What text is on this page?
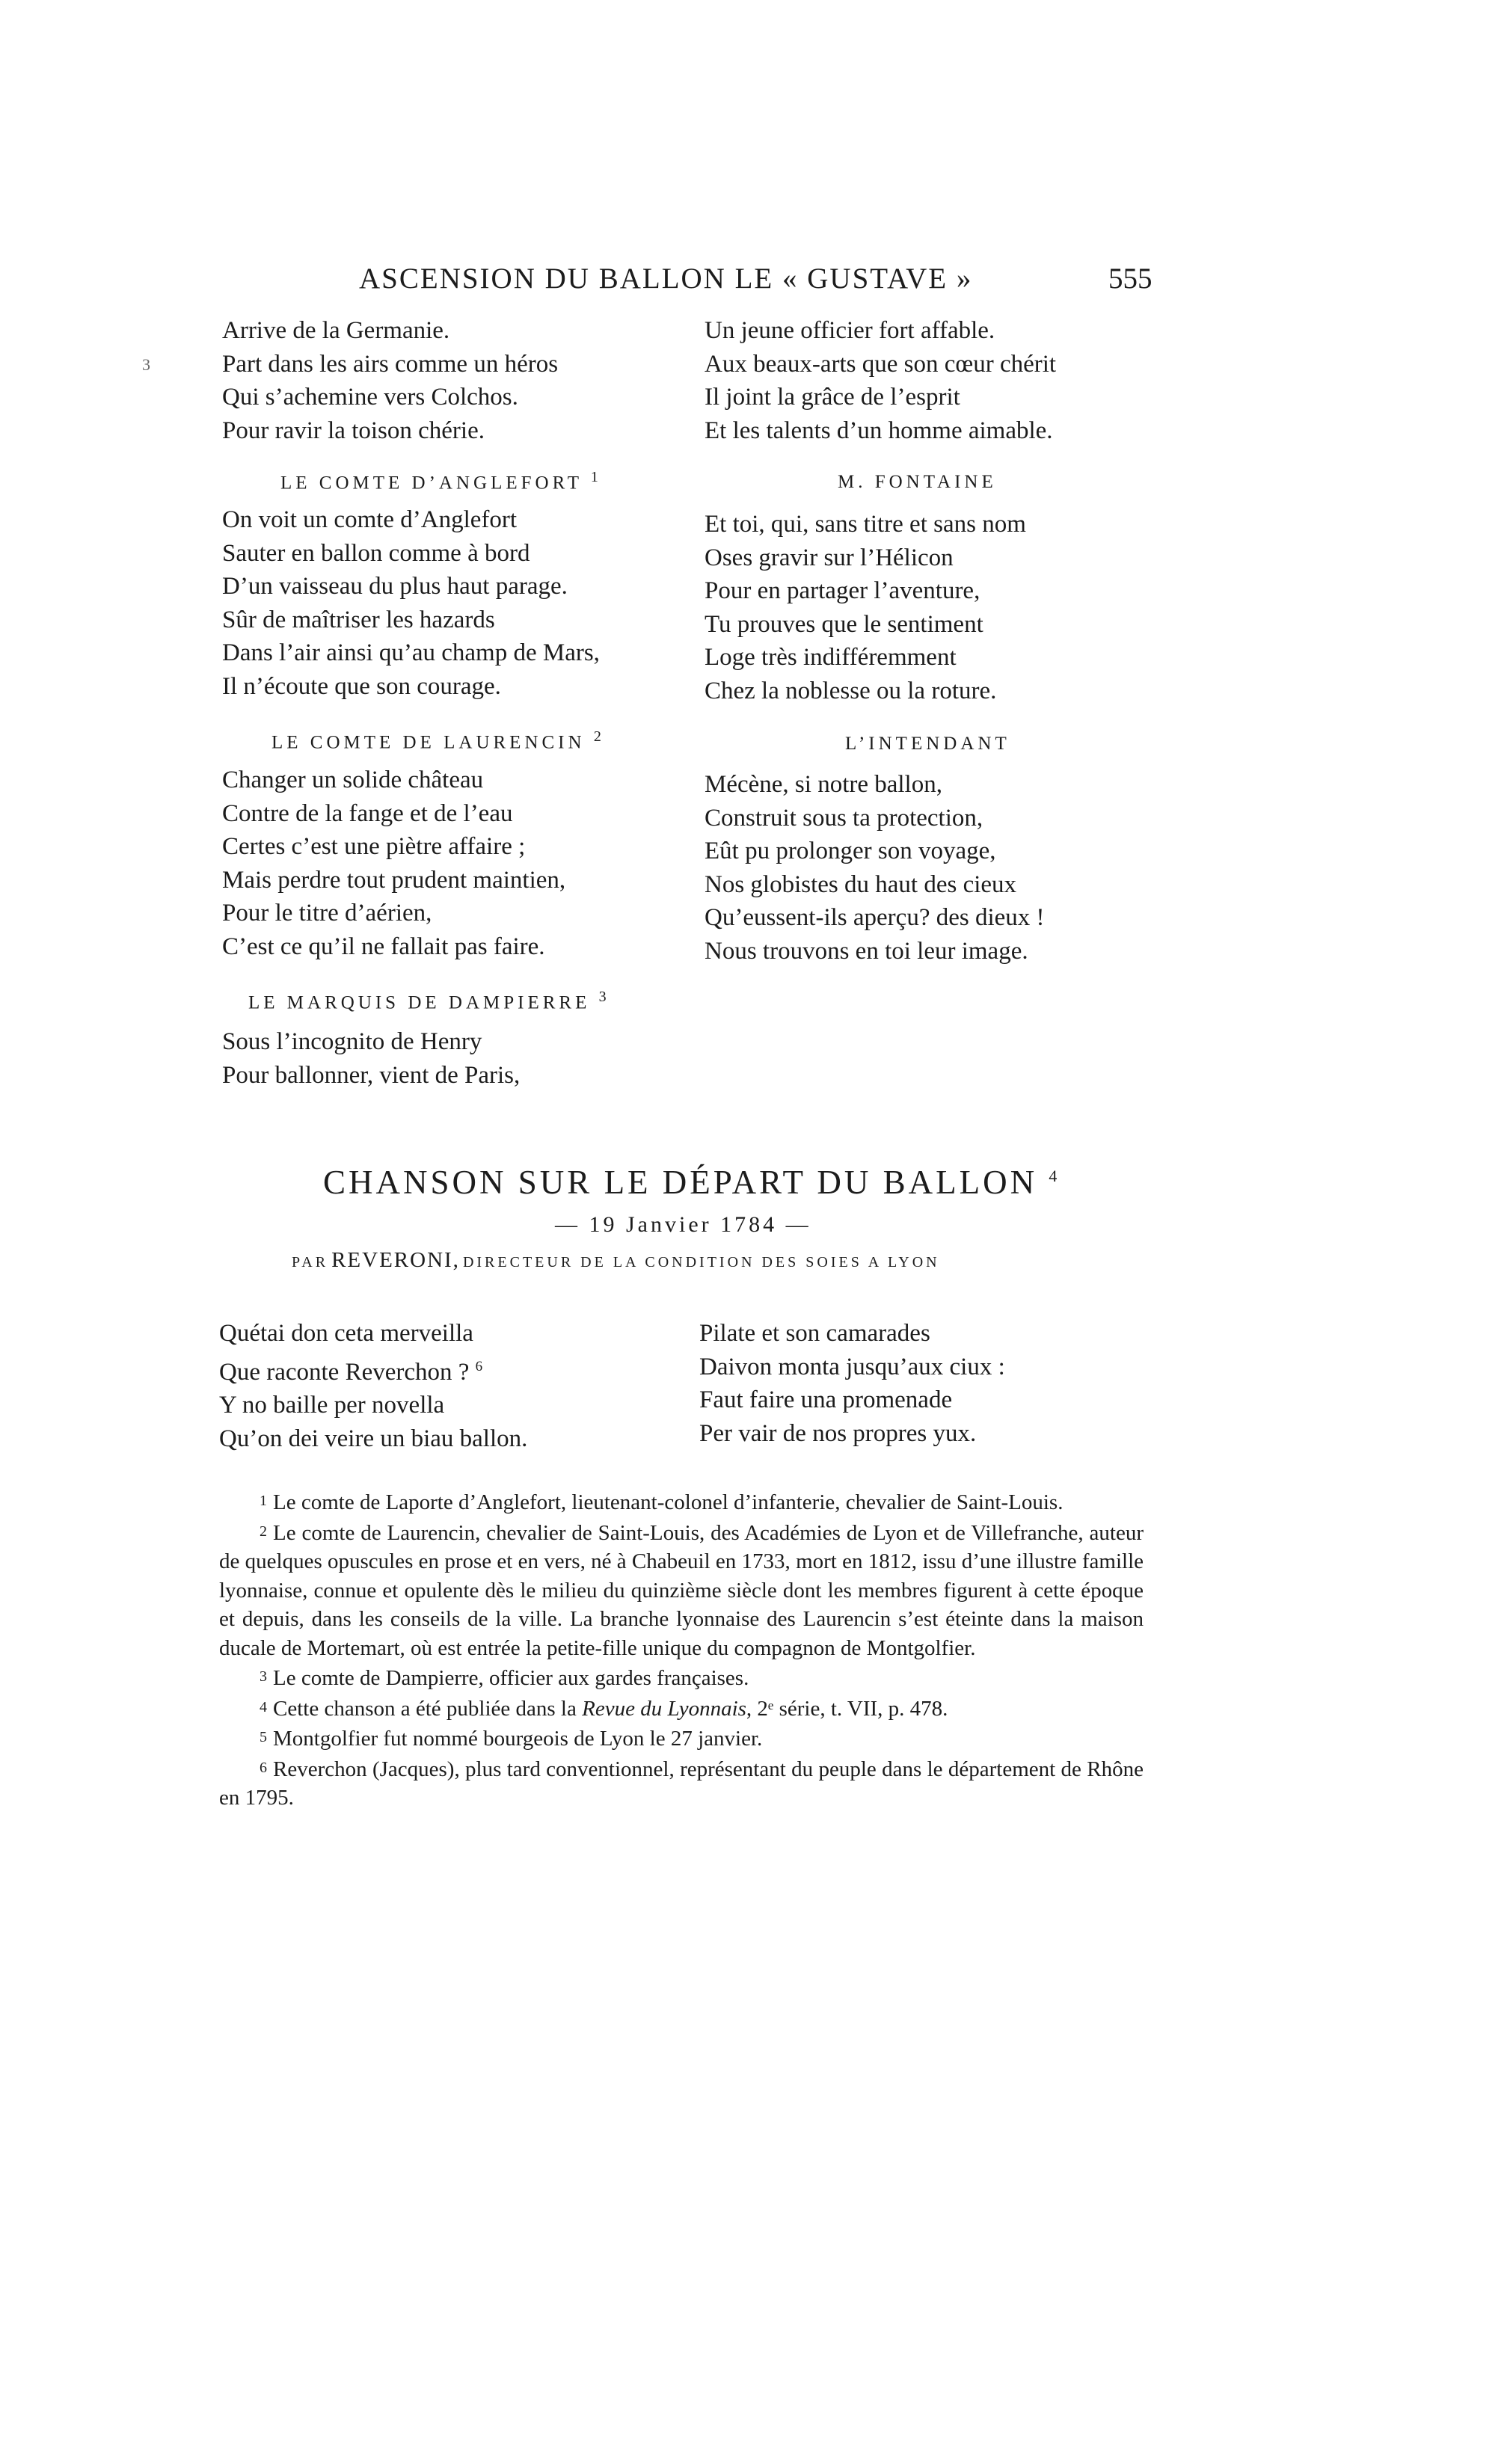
ASCENSION DU BALLON LE « GUSTAVE »	555
3
Arrive de la Germanie.
Part dans les airs comme un héros
Qui s’achemine vers Colchos.
Pour ravir la toison chérie.
LE COMTE D’ANGLEFORT $^1$
On voit un comte d’Anglefort
Sauter en ballon comme à bord
D’un vaisseau du plus haut parage.
Sûr de maîtriser les hazards
Dans l’air ainsi qu’au champ de Mars,
Il n’écoute que son courage.
LE COMTE DE LAURENCIN $^2$
Changer un solide château
Contre de la fange et de l’eau
Certes c’est une piètre affaire ;
Mais perdre tout prudent maintien,
Pour le titre d’aérien,
C’est ce qu’il ne fallait pas faire.
LE MARQUIS DE DAMPIERRE $^3$
Sous l’incognito de Henry
Pour ballonner, vient de Paris,
Un jeune officier fort affable.
Aux beaux-arts que son cœur chérit
Il joint la grâce de l’esprit
Et les talents d’un homme aimable.
M. FONTAINE
Et toi, qui, sans titre et sans nom
Oses gravir sur l’Hélicon
Pour en partager l’aventure,
Tu prouves que le sentiment
Loge très indifféremment
Chez la noblesse ou la roture.
L’INTENDANT
Mécène, si notre ballon,
Construit sous ta protection,
Eût pu prolonger son voyage,
Nos globistes du haut des cieux
Qu’eussent-ils aperçu? des dieux !
Nous trouvons en toi leur image.
CHANSON SUR LE DÉPART DU BALLON $^4$
— 19 Janvier 1784 —
PAR REVERONI, DIRECTEUR DE LA CONDITION DES SOIES A LYON
Quétai don ceta merveilla
Que raconte Reverchon ? $^6$
Y no baille per novella
Qu’on dei veire un biau ballon.
Pilate et son camarades
Daivon monta jusqu’aux ciux :
Faut faire una promenade
Per vair de nos propres yux.
1 Le comte de Laporte d’Anglefort, lieutenant-colonel d’infanterie, chevalier de Saint-Louis.
2 Le comte de Laurencin, chevalier de Saint-Louis, des Académies de Lyon et de Villefranche, auteur de quelques opuscules en prose et en vers, né à Chabeuil en 1733, mort en 1812, issu d’une illustre famille lyonnaise, connue et opulente dès le milieu du quinzième siècle dont les membres figurent à cette époque et depuis, dans les conseils de la ville. La branche lyonnaise des Laurencin s’est éteinte dans la maison ducale de Mortemart, où est entrée la petite-fille unique du compagnon de Montgolfier.
3 Le comte de Dampierre, officier aux gardes françaises.
4 Cette chanson a été publiée dans la Revue du Lyonnais, 2ᵉ série, t. VII, p. 478.
5 Montgolfier fut nommé bourgeois de Lyon le 27 janvier.
6 Reverchon (Jacques), plus tard conventionnel, représentant du peuple dans le département de Rhône en 1795.
